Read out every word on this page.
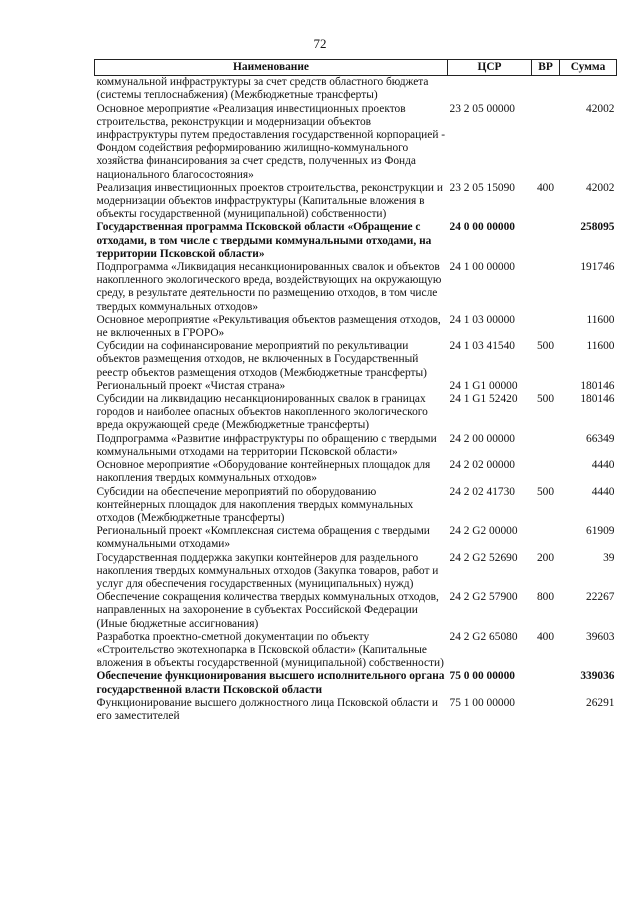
72
Наименование	ЦСР	ВР	Сумма
коммунальной инфраструктуры за счет средств областного бюджета (системы теплоснабжения) (Межбюджетные трансферты)			
Основное мероприятие «Реализация инвестиционных проектов строительства, реконструкции и модернизации объектов инфраструктуры путем предоставления государственной корпорацией - Фондом содействия реформированию жилищно-коммунального хозяйства финансирования за счет средств, полученных из Фонда национального благосостояния»	23 2 05 00000		42002
Реализация инвестиционных проектов строительства, реконструкции и модернизации объектов инфраструктуры (Капитальные вложения в объекты государственной (муниципальной) собственности)	23 2 05 15090	400	42002
Государственная программа Псковской области «Обращение с отходами, в том числе с твердыми коммунальными отходами, на территории Псковской области»	24 0 00 00000		258095
Подпрограмма «Ликвидация несанкционированных свалок и объектов накопленного экологического вреда, воздействующих на окружающую среду, в результате деятельности по размещению отходов, в том числе твердых коммунальных отходов»	24 1 00 00000		191746
Основное мероприятие «Рекультивация объектов размещения отходов, не включенных в ГРОРО»	24 1 03 00000		11600
Субсидии на софинансирование мероприятий по рекультивации объектов размещения отходов, не включенных в Государственный реестр объектов размещения отходов (Межбюджетные трансферты)	24 1 03 41540	500	11600
Региональный проект «Чистая страна»	24 1 G1 00000		180146
Субсидии на ликвидацию несанкционированных свалок в границах городов и наиболее опасных объектов накопленного экологического вреда окружающей среде (Межбюджетные трансферты)	24 1 G1 52420	500	180146
Подпрограмма «Развитие инфраструктуры по обращению с твердыми коммунальными отходами на территории Псковской области»	24 2 00 00000		66349
Основное мероприятие «Оборудование контейнерных площадок для накопления твердых коммунальных отходов»	24 2 02 00000		4440
Субсидии на обеспечение мероприятий по оборудованию контейнерных площадок для накопления твердых коммунальных отходов (Межбюджетные трансферты)	24 2 02 41730	500	4440
Региональный проект «Комплексная система обращения с твердыми коммунальными отходами»	24 2 G2 00000		61909
Государственная поддержка закупки контейнеров для раздельного накопления твердых коммунальных отходов (Закупка товаров, работ и услуг для обеспечения государственных (муниципальных) нужд)	24 2 G2 52690	200	39
Обеспечение сокращения количества твердых коммунальных отходов, направленных на захоронение в субъектах Российской Федерации (Иные бюджетные ассигнования)	24 2 G2 57900	800	22267
Разработка проектно-сметной документации по объекту «Строительство экотехнопарка в Псковской области» (Капитальные вложения в объекты государственной (муниципальной) собственности)	24 2 G2 65080	400	39603
Обеспечение функционирования высшего исполнительного органа государственной власти Псковской области	75 0 00 00000		339036
Функционирование высшего должностного лица Псковской области и его заместителей	75 1 00 00000		26291
